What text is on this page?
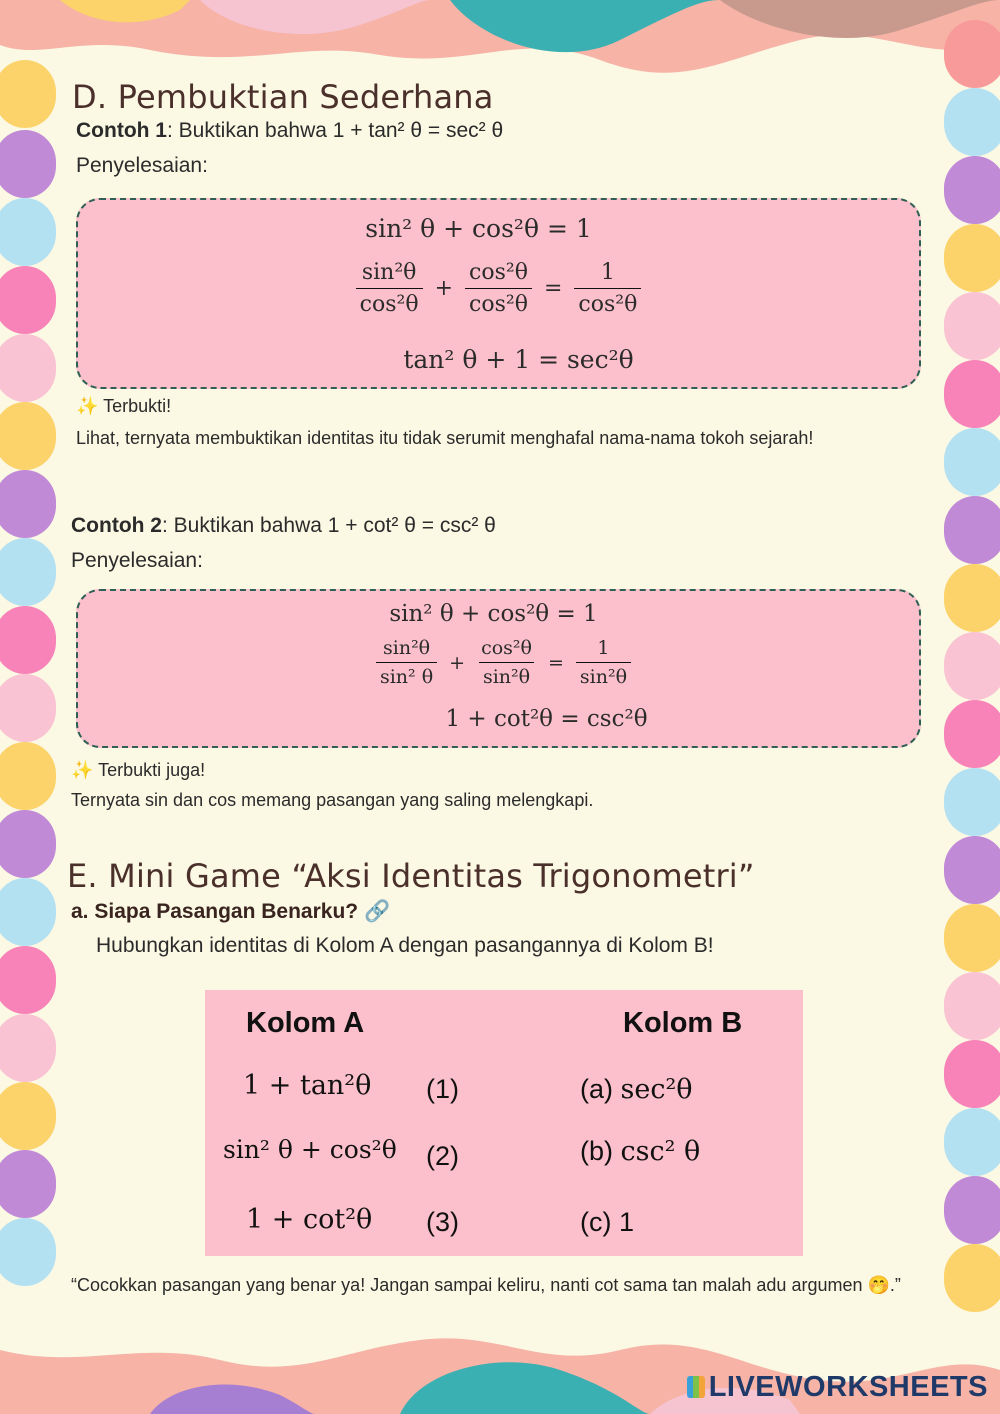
D. Pembuktian Sederhana
Contoh 1: Buktikan bahwa 1 + tan² θ = sec² θ
Penyelesaian:
sin² θ + cos²θ = 1
$\frac{\text{sin²θ}}{\text{cos²θ}} + \frac{\text{cos²θ}}{\text{cos²θ}} = \frac{1}{\text{cos²θ}}$
tan² θ + 1 = sec²θ
✨ Terbukti!
Lihat, ternyata membuktikan identitas itu tidak serumit menghafal nama-nama tokoh sejarah!
Contoh 2: Buktikan bahwa 1 + cot² θ = csc² θ
Penyelesaian:
sin² θ + cos²θ = 1
$\frac{\text{sin²θ}}{\text{sin² θ}} + \frac{\text{cos²θ}}{\text{sin²θ}} = \frac{1}{\text{sin²θ}}$
1 + cot²θ = csc²θ
✨ Terbukti juga!
Ternyata sin dan cos memang pasangan yang saling melengkapi.
E. Mini Game “Aksi Identitas Trigonometri”
a. Siapa Pasangan Benarku? 🔗
Hubungkan identitas di Kolom A dengan pasangannya di Kolom B!
Kolom A	Kolom B
1 + tan²θ (1)	(a) sec²θ
sin² θ + cos²θ (2)	(b) csc² θ
1 + cot²θ (3)	(c) 1
“Cocokkan pasangan yang benar ya! Jangan sampai keliru, nanti cot sama tan malah adu argumen 🤭.”
LIVEWORKSHEETS
